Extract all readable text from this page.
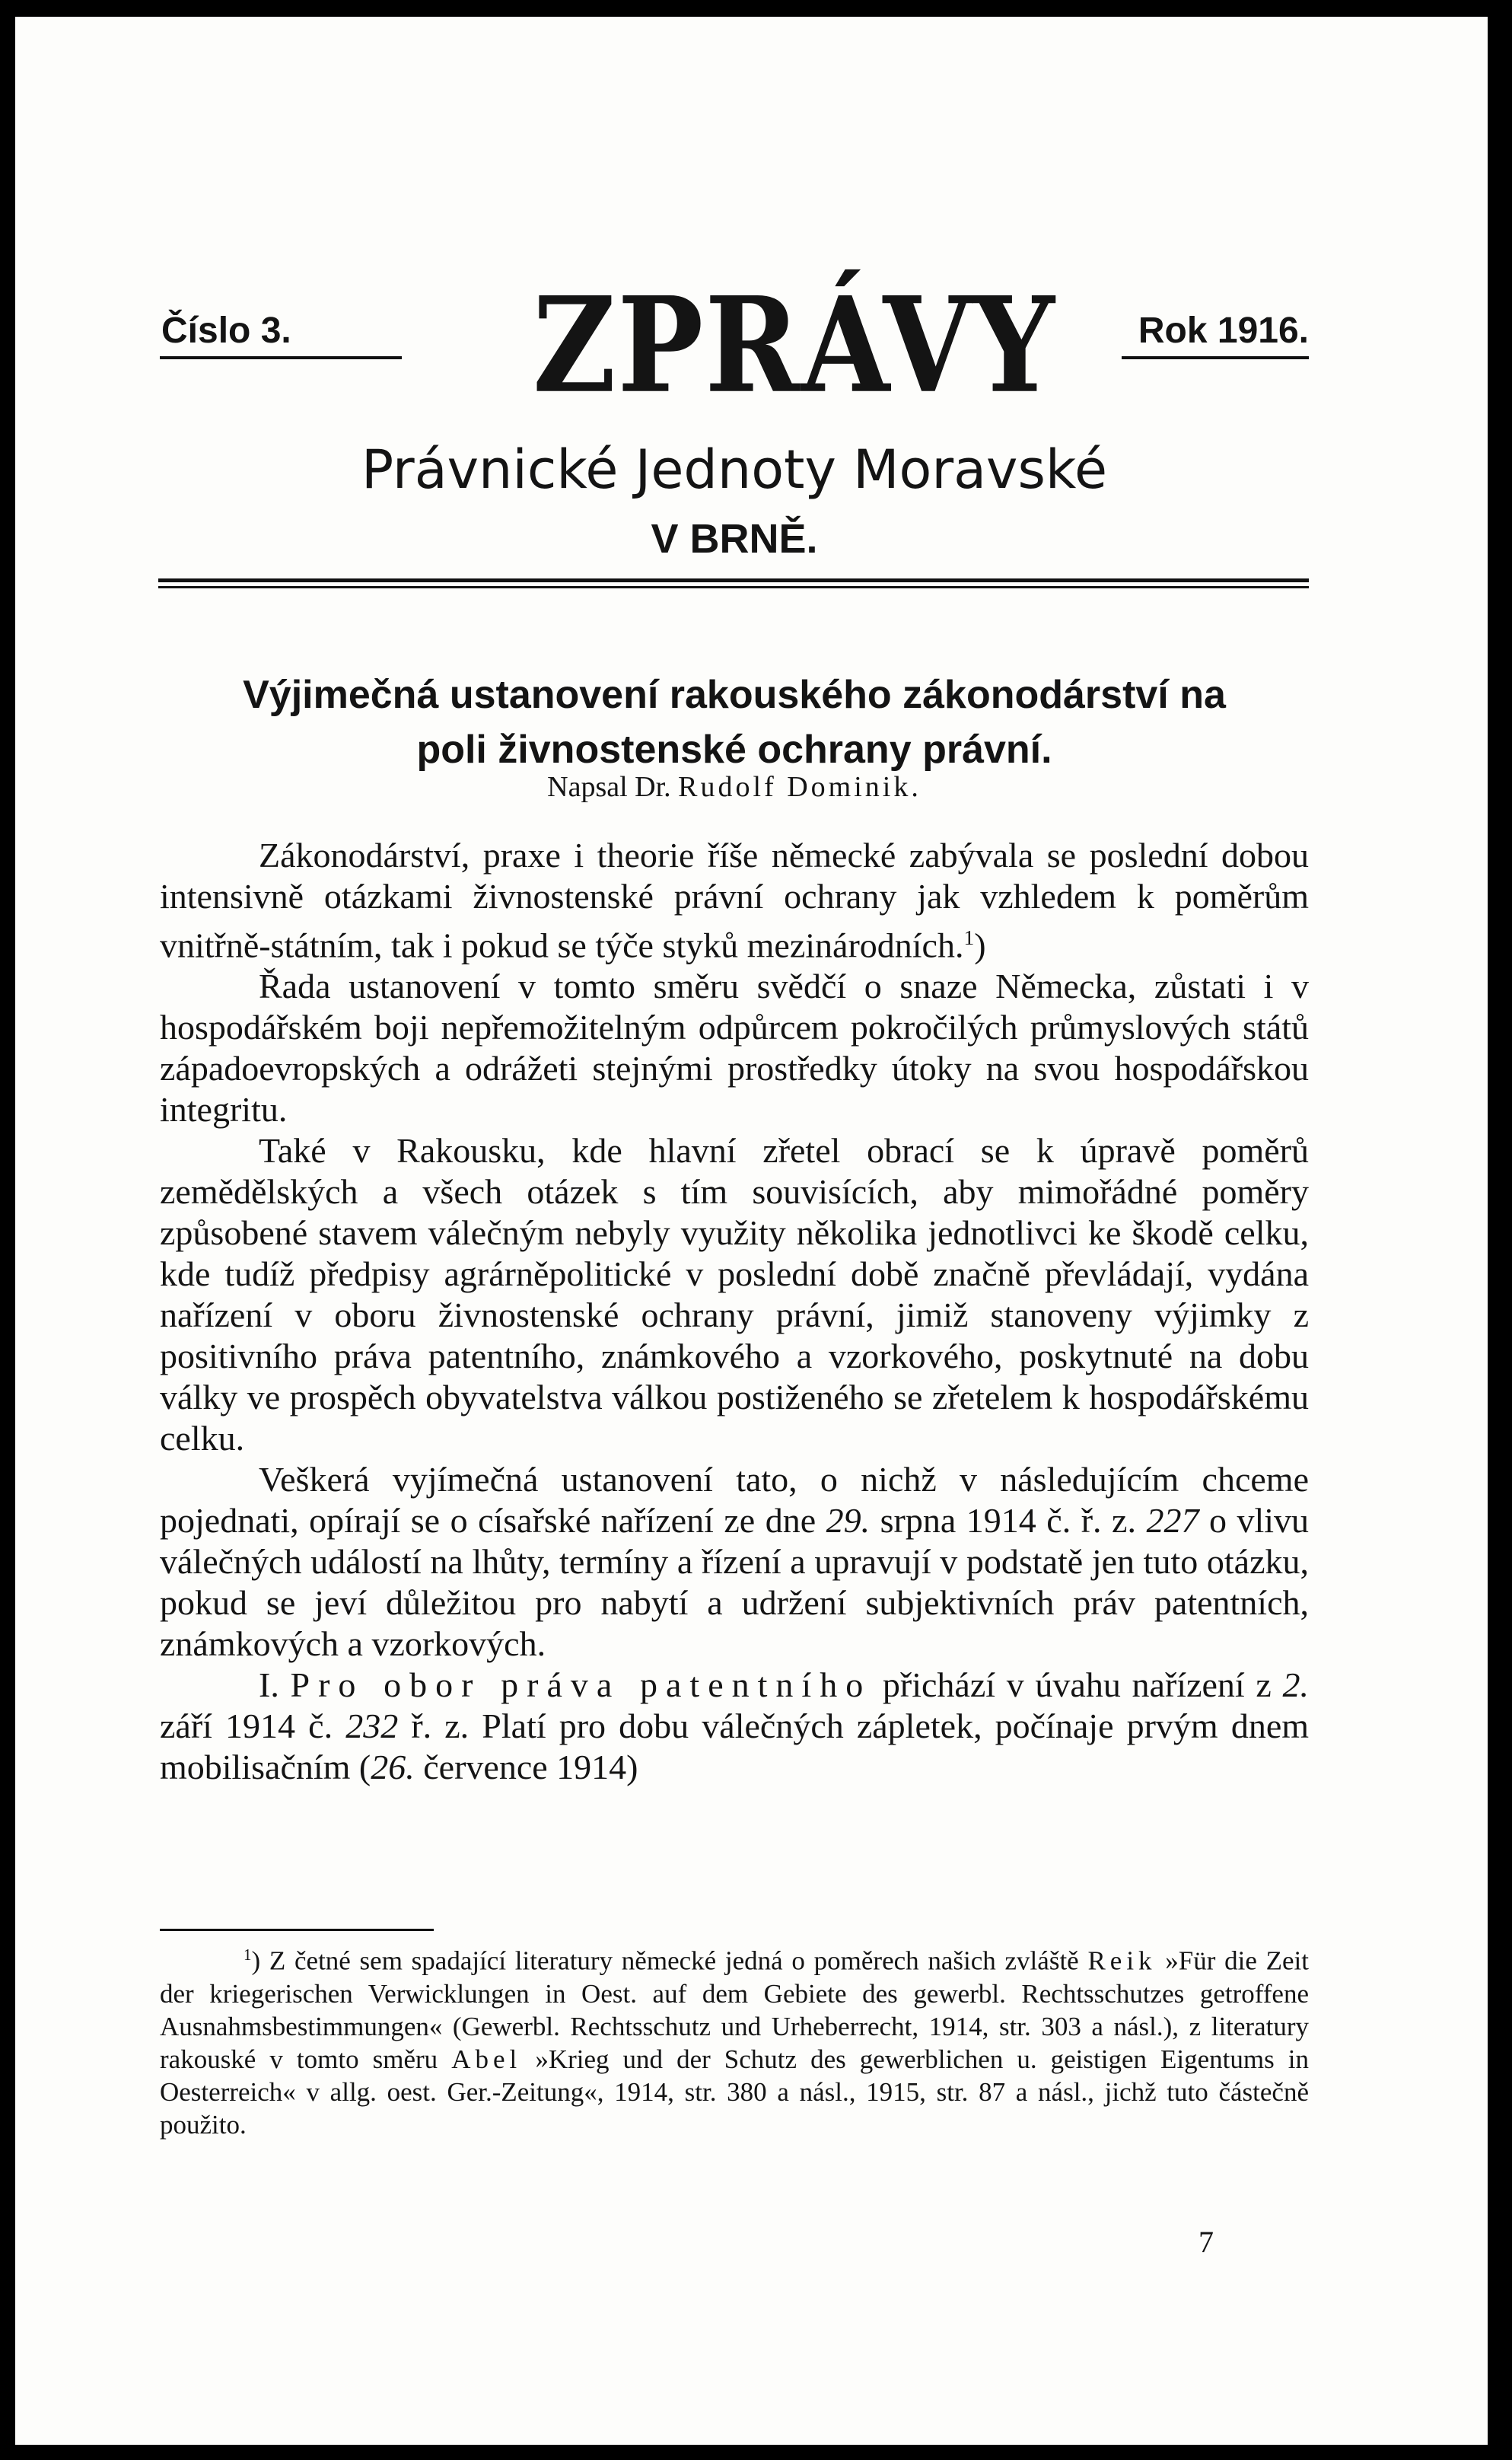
Číslo 3.	ZPRÁVY	Rok 1916.
Právnické Jednoty Moravské
V BRNĚ.
Výjimečná ustanovení rakouského zákonodárství na
poli živnostenské ochrany právní.
Napsal Dr. Rudolf Dominik.

Zákonodárství, praxe i theorie říše německé zabývala se poslední dobou intensivně otázkami živnostenské právní ochrany jak vzhledem k poměrům vnitřně-státním, tak i pokud se týče styků mezinárodních.$^1$)

Řada ustanovení v tomto směru svědčí o snaze Německa, zůstati i v hospodářském boji nepřemožitelným odpůrcem pokročilých průmyslových států západoevropských a odrážeti stejnými prostředky útoky na svou hospodářskou integritu.

Také v Rakousku, kde hlavní zřetel obrací se k úpravě poměrů zemědělských a všech otázek s tím souvisících, aby mimořádné poměry způsobené stavem válečným nebyly využity několika jednotlivci ke škodě celku, kde tudíž předpisy agrárněpolitické v poslední době značně převládají, vydána nařízení v oboru živnostenské ochrany právní, jimiž stanoveny výjimky z positivního práva patentního, známkového a vzorkového, poskytnuté na dobu války ve prospěch obyvatelstva válkou postiženého se zřetelem k hospodářskému celku.

Veškerá vyjímečná ustanovení tato, o nichž v následujícím chceme pojednati, opírají se o císařské nařízení ze dne 29. srpna 1914 č. ř. z. 227 o vlivu válečných událostí na lhůty, termíny a řízení a upravují v podstatě jen tuto otázku, pokud se jeví důležitou pro nabytí a udržení subjektivních práv patentních, známkových a vzorkových.

I. Pro obor práva patentního přichází v úvahu nařízení z 2. září 1914 č. 232 ř. z. Platí pro dobu válečných zápletek, počínaje prvým dnem mobilisačním (26. července 1914)

$^1$) Z četné sem spadající literatury německé jedná o poměrech našich zvláště Reik »Für die Zeit der kriegerischen Verwicklungen in Oest. auf dem Gebiete des gewerbl. Rechtsschutzes getroffene Ausnahmsbestimmungen« (Gewerbl. Rechtsschutz und Urheberrecht, 1914, str. 303 a násl.), z literatury rakouské v tomto směru Abel »Krieg und der Schutz des gewerblichen u. geistigen Eigentums in Oesterreich« v allg. oest. Ger.-Zeitung«, 1914, str. 380 a násl., 1915, str. 87 a násl., jichž tuto částečně použito.

7
